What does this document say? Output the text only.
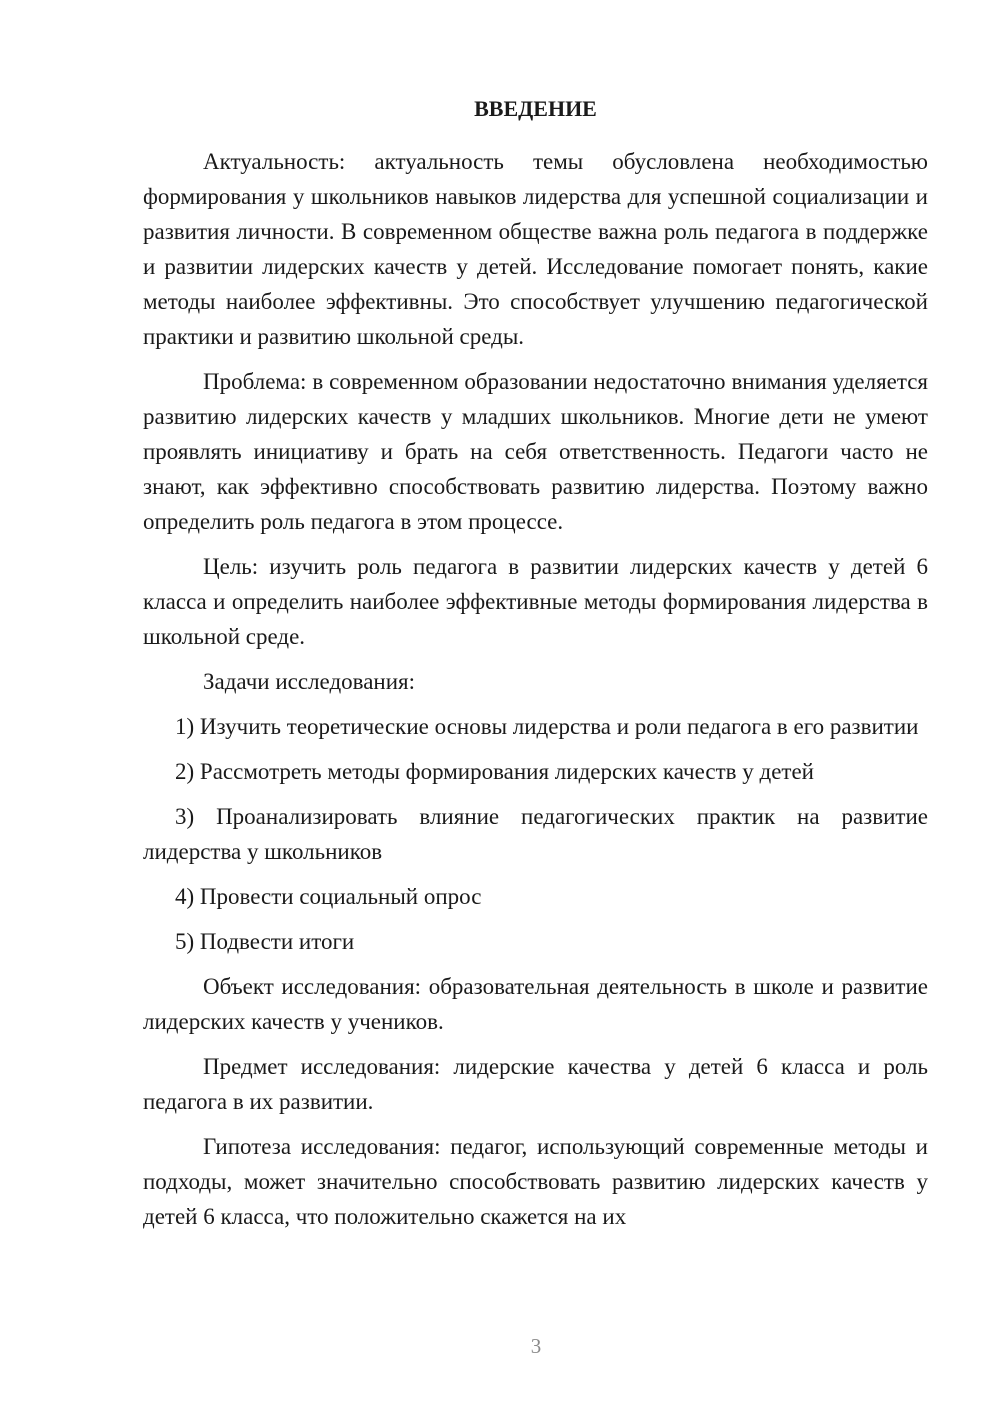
ВВЕДЕНИЕ

Актуальность: актуальность темы обусловлена необходимостью формирования у школьников навыков лидерства для успешной социализации и развития личности. В современном обществе важна роль педагога в поддержке и развитии лидерских качеств у детей. Исследование помогает понять, какие методы наиболее эффективны. Это способствует улучшению педагогической практики и развитию школьной среды.

Проблема: в современном образовании недостаточно внимания уделяется развитию лидерских качеств у младших школьников. Многие дети не умеют проявлять инициативу и брать на себя ответственность. Педагоги часто не знают, как эффективно способствовать развитию лидерства. Поэтому важно определить роль педагога в этом процессе.

Цель: изучить роль педагога в развитии лидерских качеств у детей 6 класса и определить наиболее эффективные методы формирования лидерства в школьной среде.

Задачи исследования:

1) Изучить теоретические основы лидерства и роли педагога в его развитии

2) Рассмотреть методы формирования лидерских качеств у детей

3) Проанализировать влияние педагогических практик на развитие лидерства у школьников

4) Провести социальный опрос

5) Подвести итоги

Объект исследования: образовательная деятельность в школе и развитие лидерских качеств у учеников.

Предмет исследования: лидерские качества у детей 6 класса и роль педагога в их развитии.

Гипотеза исследования: педагог, использующий современные методы и подходы, может значительно способствовать развитию лидерских качеств у детей 6 класса, что положительно скажется на их

3
